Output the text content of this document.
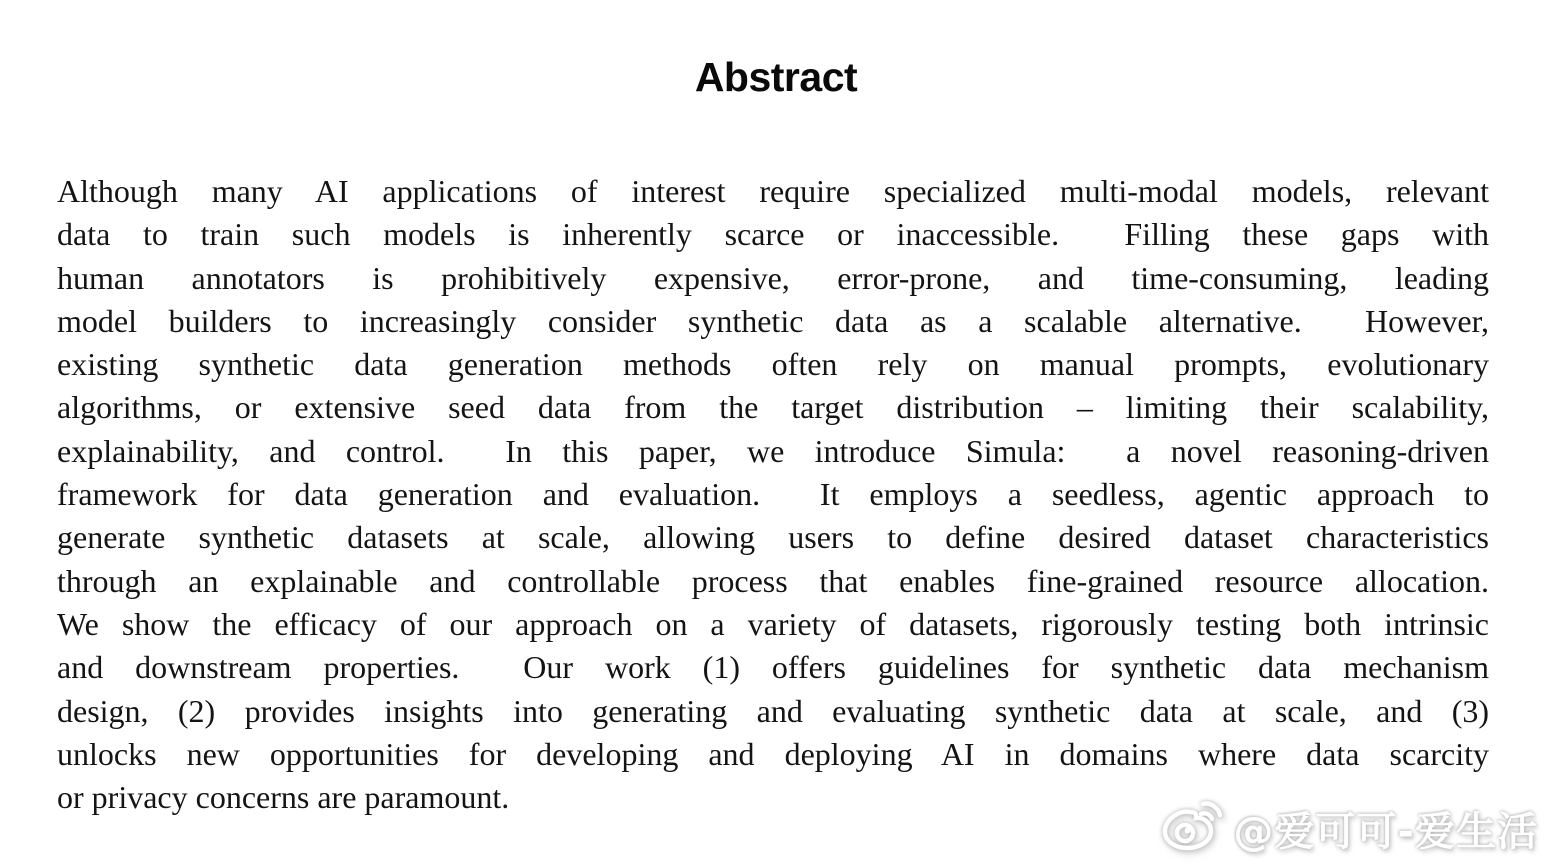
Abstract
Although many AI applications of interest require specialized multi-modal models, relevant
data to train such models is inherently scarce or inaccessible.  Filling these gaps with
human annotators is prohibitively expensive, error-prone, and time-consuming, leading
model builders to increasingly consider synthetic data as a scalable alternative.  However,
existing synthetic data generation methods often rely on manual prompts, evolutionary
algorithms, or extensive seed data from the target distribution – limiting their scalability,
explainability, and control.  In this paper, we introduce Simula:  a novel reasoning-driven
framework for data generation and evaluation.  It employs a seedless, agentic approach to
generate synthetic datasets at scale, allowing users to define desired dataset characteristics
through an explainable and controllable process that enables fine-grained resource allocation.
We show the efficacy of our approach on a variety of datasets, rigorously testing both intrinsic
and downstream properties.  Our work (1) offers guidelines for synthetic data mechanism
design, (2) provides insights into generating and evaluating synthetic data at scale, and (3)
unlocks new opportunities for developing and deploying AI in domains where data scarcity
or privacy concerns are paramount.
@爱可可-爱生活
